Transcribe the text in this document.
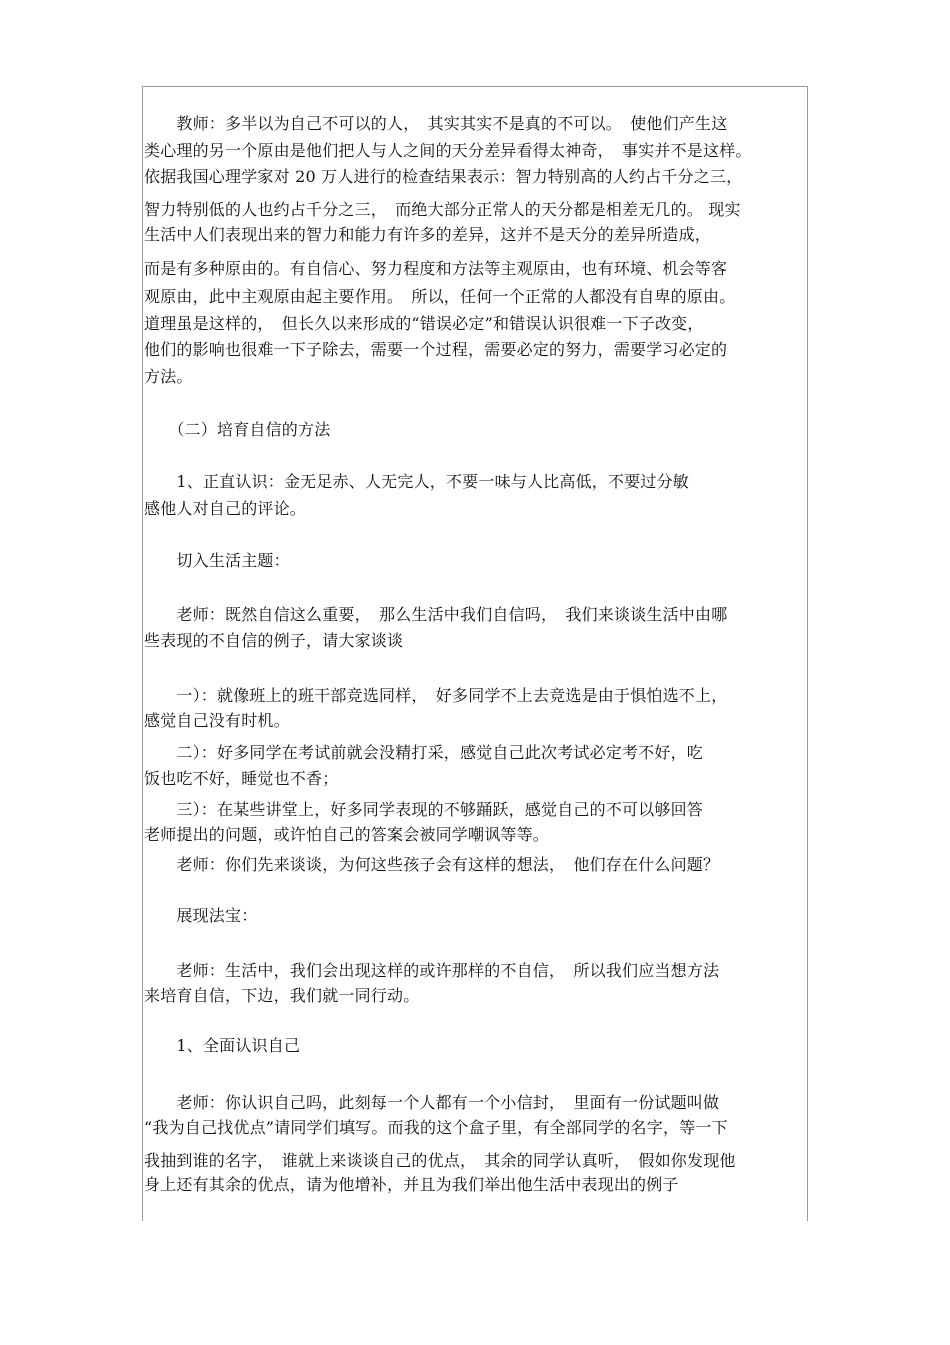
　　教师：多半以为自己不可以的人，　其实其实不是真的不可以。　使他们产生这
类心理的另一个原由是他们把人与人之间的天分差异看得太神奇，　事实并不是这样。
依据我国心理学家对 20 万人进行的检查结果表示：智力特别高的人约占千分之三，
智力特别低的人也约占千分之三，　而绝大部分正常人的天分都是相差无几的。 现实
生活中人们表现出来的智力和能力有许多的差异，这并不是天分的差异所造成，
而是有多种原由的。有自信心、努力程度和方法等主观原由，也有环境、机会等客
观原由，此中主观原由起主要作用。　所以，任何一个正常的人都没有自卑的原由。
道理虽是这样的，　但长久以来形成的“错误必定”和错误认识很难一下子改变，
他们的影响也很难一下子除去，需要一个过程，需要必定的努力，需要学习必定的
方法。
　　（二）培育自信的方法
　　1、正直认识：金无足赤、人无完人，不要一味与人比高低，不要过分敏
感他人对自己的评论。
　　切入生活主题：
　　老师：既然自信这么重要，　那么生活中我们自信吗，　我们来谈谈生活中由哪
些表现的不自信的例子，请大家谈谈
　　一）：就像班上的班干部竞选同样，　好多同学不上去竞选是由于惧怕选不上，
感觉自己没有时机。
　　二）：好多同学在考试前就会没精打采，感觉自己此次考试必定考不好，吃
饭也吃不好，睡觉也不香；
　　三）：在某些讲堂上，好多同学表现的不够踊跃，感觉自己的不可以够回答
老师提出的问题，或许怕自己的答案会被同学嘲讽等等。
　　老师：你们先来谈谈，为何这些孩子会有这样的想法，　他们存在什么问题？
　　展现法宝：
　　老师：生活中，我们会出现这样的或许那样的不自信，　所以我们应当想方法
来培育自信，下边，我们就一同行动。
　　1、全面认识自己
　　老师：你认识自己吗，此刻每一个人都有一个小信封，　里面有一份试题叫做
“我为自己找优点”请同学们填写。而我的这个盒子里，有全部同学的名字，等一下
我抽到谁的名字，　谁就上来谈谈自己的优点，　其余的同学认真听，　假如你发现他
身上还有其余的优点，请为他增补，并且为我们举出他生活中表现出的例子
